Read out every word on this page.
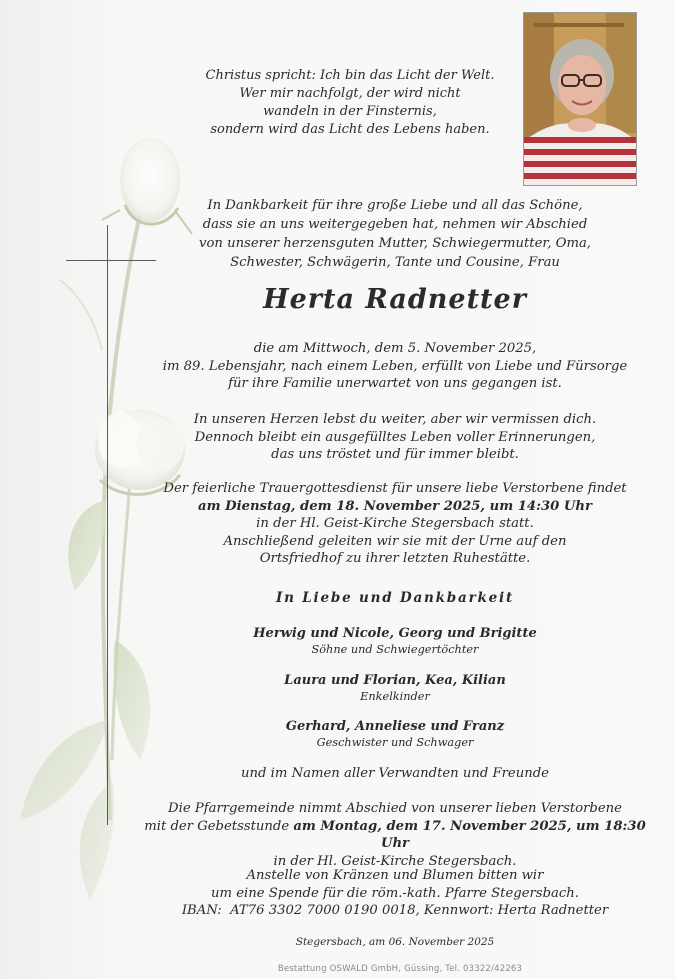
Christus spricht: Ich bin das Licht der Welt.

Wer mir nachfolgt, der wird nicht

wandeln in der Finsternis,

sondern wird das Licht des Lebens haben.

In Dankbarkeit für ihre große Liebe und all das Schöne,

dass sie an uns weitergegeben hat, nehmen wir Abschied

von unserer herzensguten Mutter, Schwiegermutter, Oma,

Schwester, Schwägerin, Tante und Cousine, Frau

Herta Radnetter

die am Mittwoch, dem 5. November 2025,

im 89. Lebensjahr, nach einem Leben, erfüllt von Liebe und Fürsorge

für ihre Familie unerwartet von uns gegangen ist.

In unseren Herzen lebst du weiter, aber wir vermissen dich.

Dennoch bleibt ein ausgefülltes Leben voller Erinnerungen,

das uns tröstet und für immer bleibt.

Der feierliche Trauergottesdienst für unsere liebe Verstorbene findet

am Dienstag, dem 18. November 2025, um 14:30 Uhr

in der Hl. Geist-Kirche Stegersbach statt.

Anschließend geleiten wir sie mit der Urne auf den

Ortsfriedhof zu ihrer letzten Ruhestätte.

In Liebe und Dankbarkeit
Herwig und Nicole, Georg und Brigitte
Söhne und Schwiegertöchter
Laura und Florian, Kea, Kilian
Enkelkinder
Gerhard, Anneliese und Franz
Geschwister und Schwager
und im Namen aller Verwandten und Freunde

Die Pfarrgemeinde nimmt Abschied von unserer lieben Verstorbene

mit der Gebetsstunde am Montag, dem 17. November 2025, um 18:30 Uhr

in der Hl. Geist-Kirche Stegersbach.

Anstelle von Kränzen und Blumen bitten wir

um eine Spende für die röm.-kath. Pfarre Stegersbach.

IBAN:  AT76 3302 7000 0190 0018, Kennwort: Herta Radnetter

Stegersbach, am 06. November 2025
Bestattung OSWALD GmbH, Güssing, Tel. 03322/42263
